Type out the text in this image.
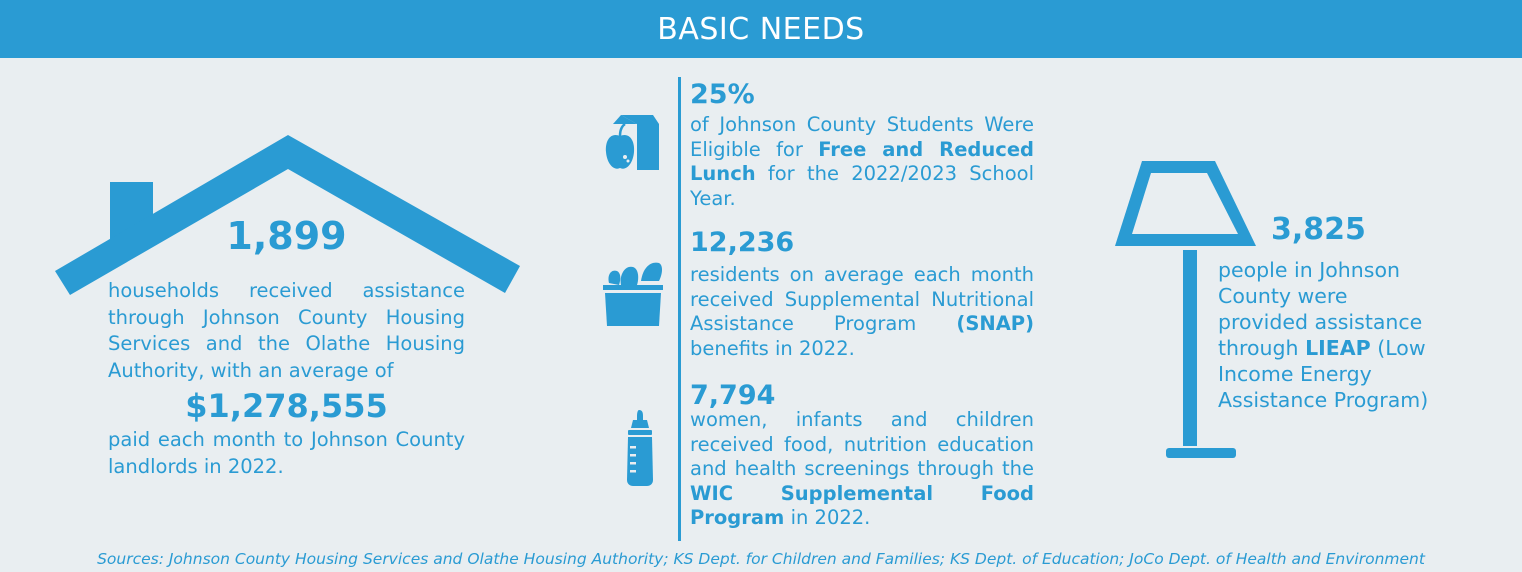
BASIC NEEDS
1,899
households received assistance through Johnson County Housing Services and the Olathe Housing Authority, with an average of
$1,278,555
paid each month to Johnson County landlords in 2022.
25%
of Johnson County Students Were Eligible for Free and Reduced Lunch for the 2022/2023 School Year.
12,236
residents on average each month received Supplemental Nutritional Assistance Program (SNAP) benefits in 2022.
7,794
women, infants and children received food, nutrition education and health screenings through the WIC Supplemental Food Program in 2022.
3,825
people in Johnson County were provided assistance through LIEAP (Low Income Energy Assistance Program)
Sources: Johnson County Housing Services and Olathe Housing Authority; KS Dept. for Children and Families; KS Dept. of Education; JoCo Dept. of Health and Environment
